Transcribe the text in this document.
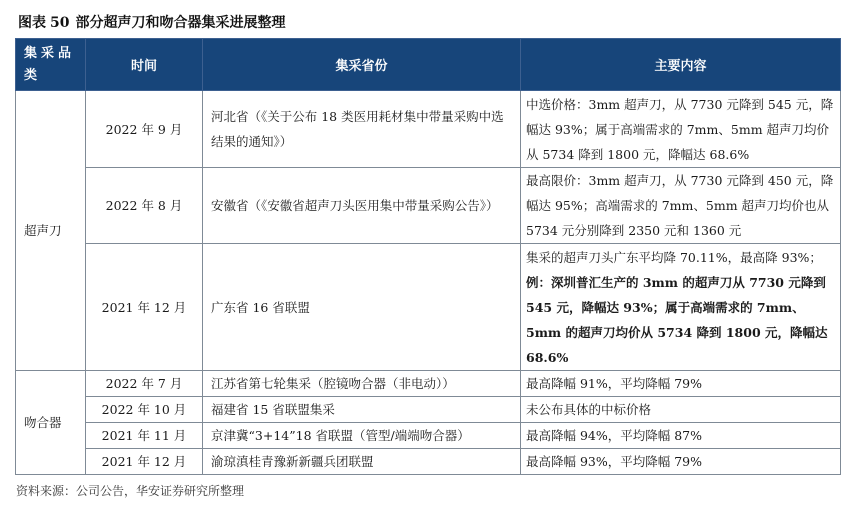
图表 50 部分超声刀和吻合器集采进展整理
集采品类	时间	集采省份	主要内容
超声刀	2022 年 9 月	河北省（《关于公布 18 类医用耗材集中带量采购中选结果的通知》）	中选价格：3mm 超声刀，从 7730 元降到 545 元，降幅达 93%；属于高端需求的 7mm、5mm 超声刀均价从 5734 降到 1800 元，降幅达 68.6%
	2022 年 8 月	安徽省（《安徽省超声刀头医用集中带量采购公告》）	最高限价：3mm 超声刀，从 7730 元降到 450 元，降幅达 95%；高端需求的 7mm、5mm 超声刀均价也从 5734 元分别降到 2350 元和 1360 元
	2021 年 12 月	广东省 16 省联盟	集采的超声刀头广东平均降 70.11%，最高降 93%；例：深圳普汇生产的 3mm 的超声刀从 7730 元降到 545 元，降幅达 93%；属于高端需求的 7mm、5mm 的超声刀均价从 5734 降到 1800 元，降幅达 68.6%
吻合器	2022 年 7 月	江苏省第七轮集采（腔镜吻合器（非电动））	最高降幅 91%，平均降幅 79%
	2022 年 10 月	福建省 15 省联盟集采	未公布具体的中标价格
	2021 年 11 月	京津冀“3+14”18 省联盟（管型/端端吻合器）	最高降幅 94%，平均降幅 87%
	2021 年 12 月	渝琼滇桂青豫新新疆兵团联盟	最高降幅 93%，平均降幅 79%
资料来源：公司公告，华安证券研究所整理
